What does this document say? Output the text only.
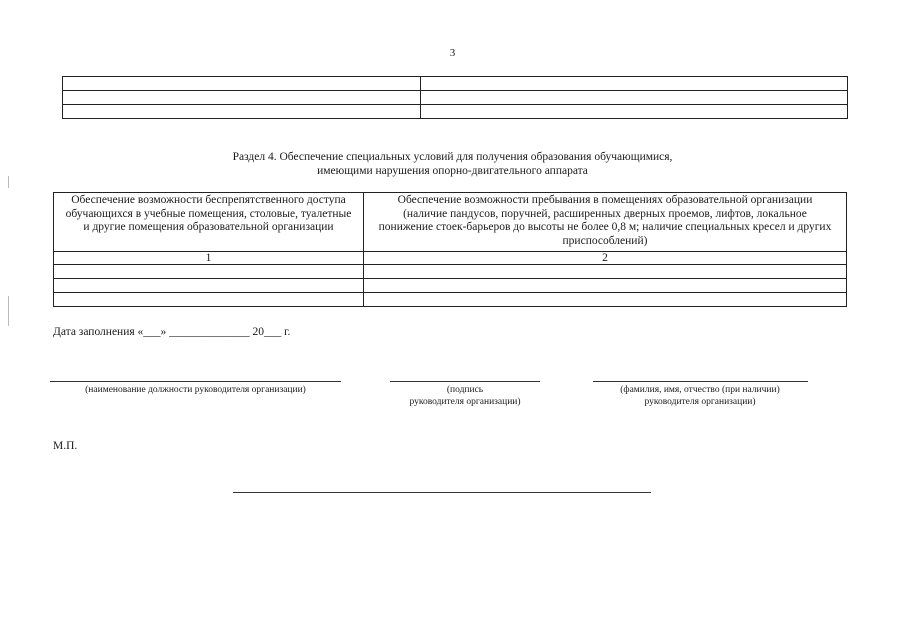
3

Раздел 4. Обеспечение специальных условий для получения образования обучающимися,
имеющими нарушения опорно-двигательного аппарата
Обеспечение возможности беспрепятственного доступа обучающихся в учебные помещения, столовые, туалетные и другие помещения образовательной организации	Обеспечение возможности пребывания в помещениях образовательной организации (наличие пандусов, поручней, расширенных дверных проемов, лифтов, локальное понижение стоек-барьеров до высоты не более 0,8 м; наличие специальных кресел и других приспособлений)
1	2

Дата заполнения «___» ______________ 20___ г.
(наименование должности руководителя организации)	(подпись
руководителя организации)
(фамилия, имя, отчество (при наличии)
руководителя организации)
М.П.
